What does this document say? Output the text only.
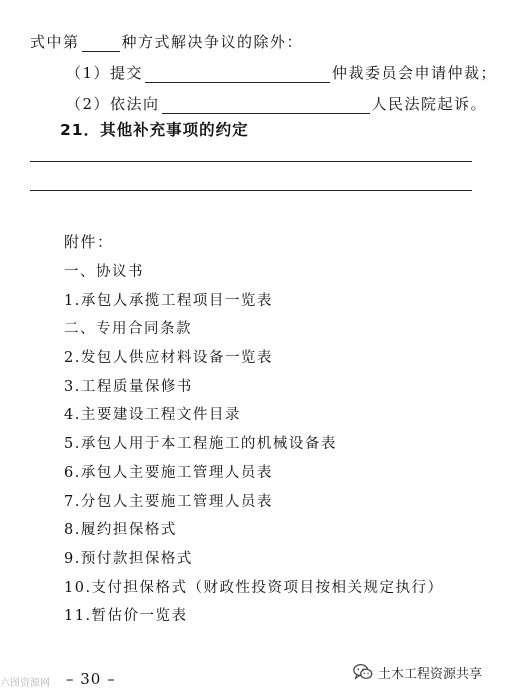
式中第	种方式解决争议的除外：
（1）提交	仲裁委员会申请仲裁；
（2）依法向	人民法院起诉。
21．其他补充事项的约定
附件：
一、协议书
1.承包人承揽工程项目一览表
二、专用合同条款
2.发包人供应材料设备一览表
3.工程质量保修书
4.主要建设工程文件目录
5.承包人用于本工程施工的机械设备表
6.承包人主要施工管理人员表
7.分包人主要施工管理人员表
8.履约担保格式
9.预付款担保格式
10.支付担保格式（财政性投资项目按相关规定执行）
11.暂估价一览表
– 30 –
六图资源网
土木工程资源共享
